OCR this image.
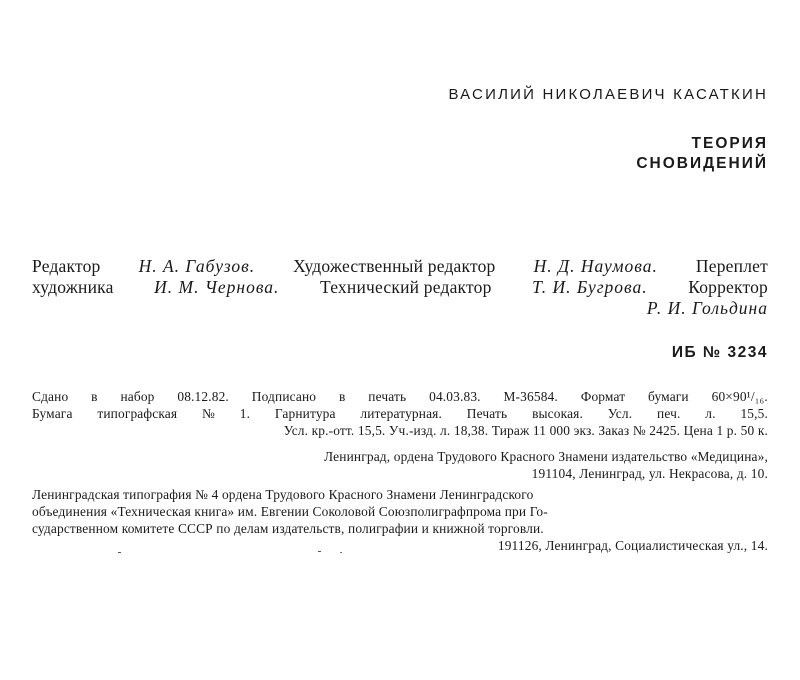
ВАСИЛИЙ НИКОЛАЕВИЧ КАСАТКИН
ТЕОРИЯ
СНОВИДЕНИЙ
Редактор Н. А. Габузов. Художественный редактор Н. Д. Наумова. Переплет
художника И. М. Чернова. Технический редактор Т. И. Бугрова. Корректор
Р. И. Гольдина
ИБ № 3234
Сдано в набор 08.12.82. Подписано в печать 04.03.83. М-36584. Формат бумаги 60×90¹/₁₆.
Бумага типографская № 1. Гарнитура литературная. Печать высокая. Усл. печ. л. 15,5.
Усл. кр.-отт. 15,5. Уч.-изд. л. 18,38. Тираж 11 000 экз. Заказ № 2425. Цена 1 р. 50 к.
Ленинград, ордена Трудового Красного Знамени издательство «Медицина»,
191104, Ленинград, ул. Некрасова, д. 10.
Ленинградская типография № 4 ордена Трудового Красного Знамени Ленинградского
объединения «Техническая книга» им. Евгении Соколовой Союзполиграфпрома при Го-
сударственном комитете СССР по делам издательств, полиграфии и книжной торговли.
191126, Ленинград, Социалистическая ул., 14.
